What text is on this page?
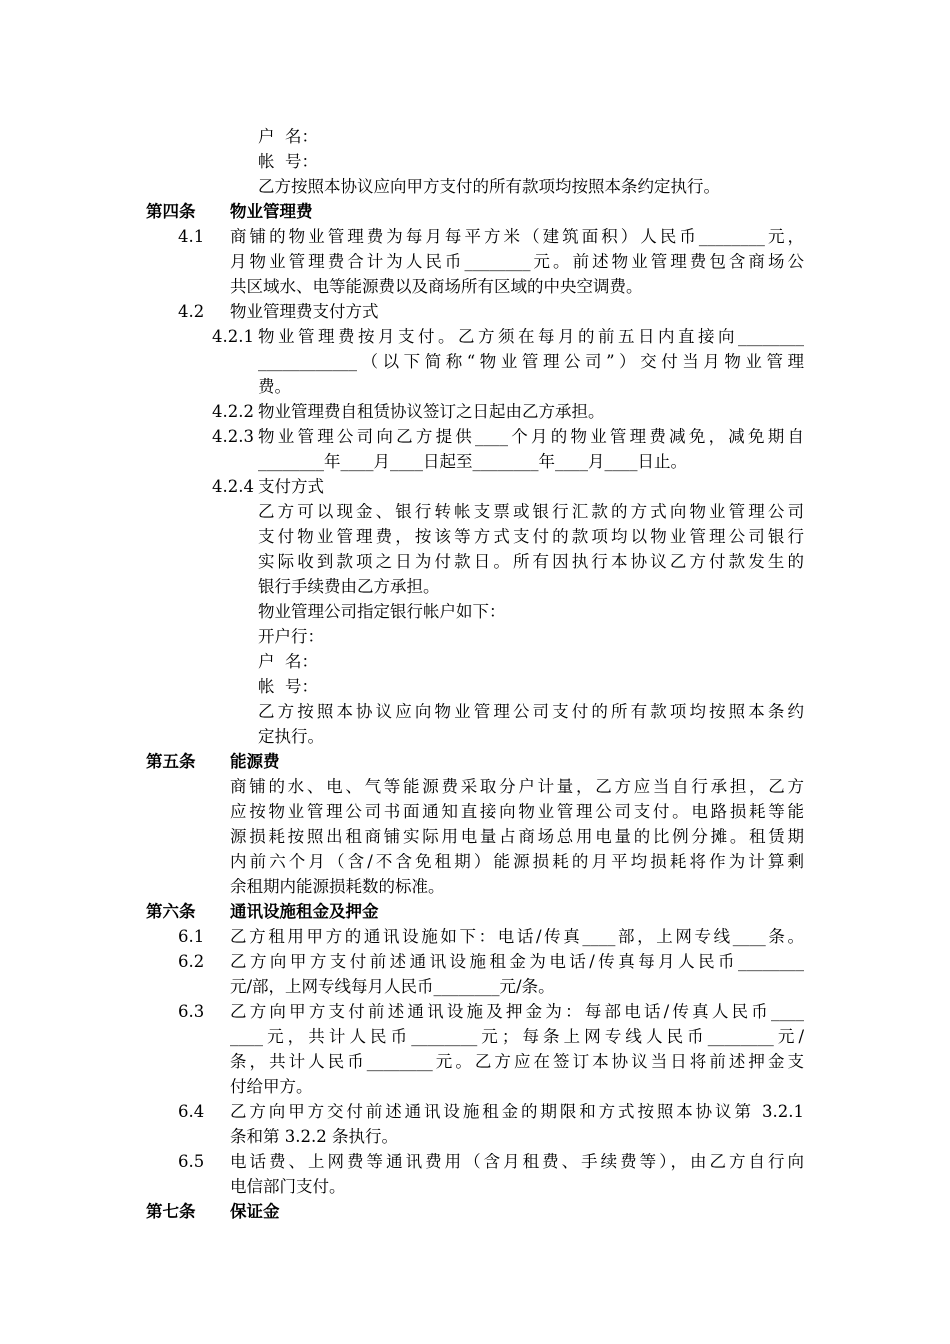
户  名：
帐  号：
乙方按照本协议应向甲方支付的所有款项均按照本条约定执行。
第四条 物业管理费
4.1 商铺的物业管理费为每月每平方米（建筑面积）人民币________元，
月物业管理费合计为人民币________元。前述物业管理费包含商场公
共区域水、电等能源费以及商场所有区域的中央空调费。
4.2 物业管理费支付方式
4.2.1 物业管理费按月支付。乙方须在每月的前五日内直接向________
____________（以下简称“物业管理公司”）交付当月物业管理
费。
4.2.2 物业管理费自租赁协议签订之日起由乙方承担。
4.2.3 物业管理公司向乙方提供____个月的物业管理费减免，减免期自
________年____月____日起至________年____月____日止。
4.2.4 支付方式
乙方可以现金、银行转帐支票或银行汇款的方式向物业管理公司
支付物业管理费，按该等方式支付的款项均以物业管理公司银行
实际收到款项之日为付款日。所有因执行本协议乙方付款发生的
银行手续费由乙方承担。
物业管理公司指定银行帐户如下：
开户行：
户  名：
帐  号：
乙方按照本协议应向物业管理公司支付的所有款项均按照本条约
定执行。
第五条 能源费
商铺的水、电、气等能源费采取分户计量，乙方应当自行承担，乙方
应按物业管理公司书面通知直接向物业管理公司支付。电路损耗等能
源损耗按照出租商铺实际用电量占商场总用电量的比例分摊。租赁期
内前六个月（含/不含免租期）能源损耗的月平均损耗将作为计算剩
余租期内能源损耗数的标准。
第六条 通讯设施租金及押金
6.1 乙方租用甲方的通讯设施如下：电话/传真____部，上网专线____条。
6.2 乙方向甲方支付前述通讯设施租金为电话/传真每月人民币________
元/部，上网专线每月人民币________元/条。
6.3 乙方向甲方支付前述通讯设施及押金为：每部电话/传真人民币____
____元，共计人民币________元；每条上网专线人民币________元/
条，共计人民币________元。乙方应在签订本协议当日将前述押金支
付给甲方。
6.4 乙方向甲方交付前述通讯设施租金的期限和方式按照本协议第 3.2.1
条和第 3.2.2 条执行。
6.5 电话费、上网费等通讯费用（含月租费、手续费等），由乙方自行向
电信部门支付。
第七条 保证金
